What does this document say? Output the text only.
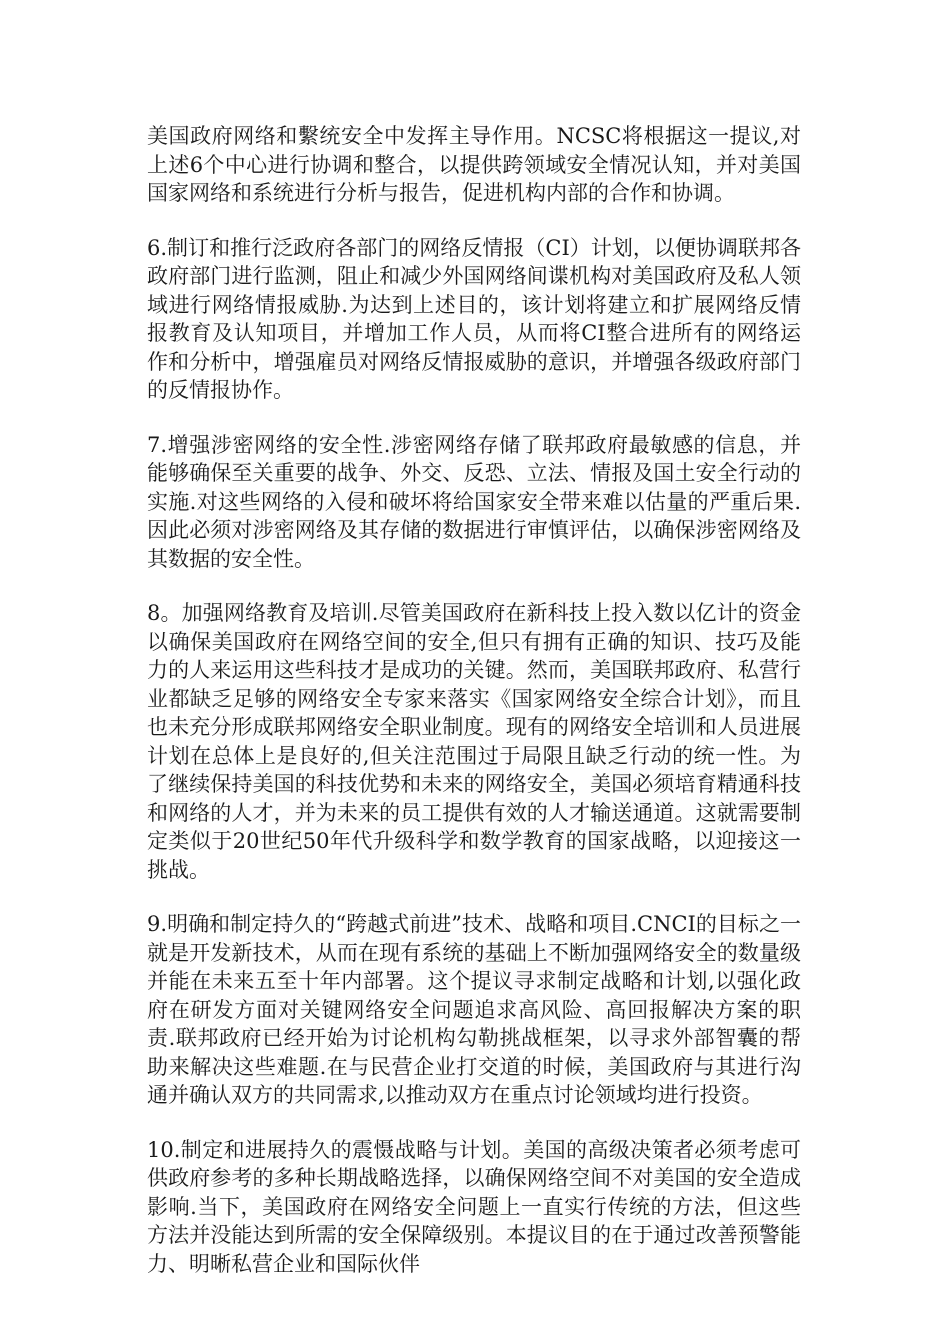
美国政府网络和繫统安全中发挥主导作用。NCSC将根据这一提议,对上述6个中心进行协调和整合，以提供跨领域安全情况认知，并对美国国家网络和系统进行分析与报告，促进机构内部的合作和协调。

6.制订和推行泛政府各部门的网络反情报（CI）计划，以便协调联邦各政府部门进行监测，阻止和减少外国网络间谍机构对美国政府及私人领域进行网络情报威胁.为达到上述目的，该计划将建立和扩展网络反情报教育及认知项目，并增加工作人员，从而将CI整合进所有的网络运作和分析中，增强雇员对网络反情报威胁的意识，并增强各级政府部门的反情报协作。

7.增强涉密网络的安全性.涉密网络存储了联邦政府最敏感的信息，并能够确保至关重要的战争、外交、反恐、立法、情报及国土安全行动的实施.对这些网络的入侵和破坏将给国家安全带来难以估量的严重后果.因此必须对涉密网络及其存储的数据进行审慎评估，以确保涉密网络及其数据的安全性。

8。加强网络教育及培训.尽管美国政府在新科技上投入数以亿计的资金以确保美国政府在网络空间的安全,但只有拥有正确的知识、技巧及能力的人来运用这些科技才是成功的关键。然而，美国联邦政府、私营行业都缺乏足够的网络安全专家来落实《国家网络安全综合计划》，而且也未充分形成联邦网络安全职业制度。现有的网络安全培训和人员进展计划在总体上是良好的,但关注范围过于局限且缺乏行动的统一性。为了继续保持美国的科技优势和未来的网络安全，美国必须培育精通科技和网络的人才，并为未来的员工提供有效的人才输送通道。这就需要制定类似于20世纪50年代升级科学和数学教育的国家战略，以迎接这一挑战。

9.明确和制定持久的“跨越式前进”技术、战略和项目.CNCI的目标之一就是开发新技术，从而在现有系统的基础上不断加强网络安全的数量级并能在未来五至十年内部署。这个提议寻求制定战略和计划,以强化政府在研发方面对关键网络安全问题追求高风险、高回报解决方案的职责.联邦政府已经开始为讨论机构勾勒挑战框架，以寻求外部智囊的帮助来解决这些难题.在与民营企业打交道的时候，美国政府与其进行沟通并确认双方的共同需求,以推动双方在重点讨论领域均进行投资。

10.制定和进展持久的震慑战略与计划。美国的高级决策者必须考虑可供政府参考的多种长期战略选择，以确保网络空间不对美国的安全造成影响.当下，美国政府在网络安全问题上一直实行传统的方法，但这些方法并没能达到所需的安全保障级别。本提议目的在于通过改善预警能力、明晰私营企业和国际伙伴
